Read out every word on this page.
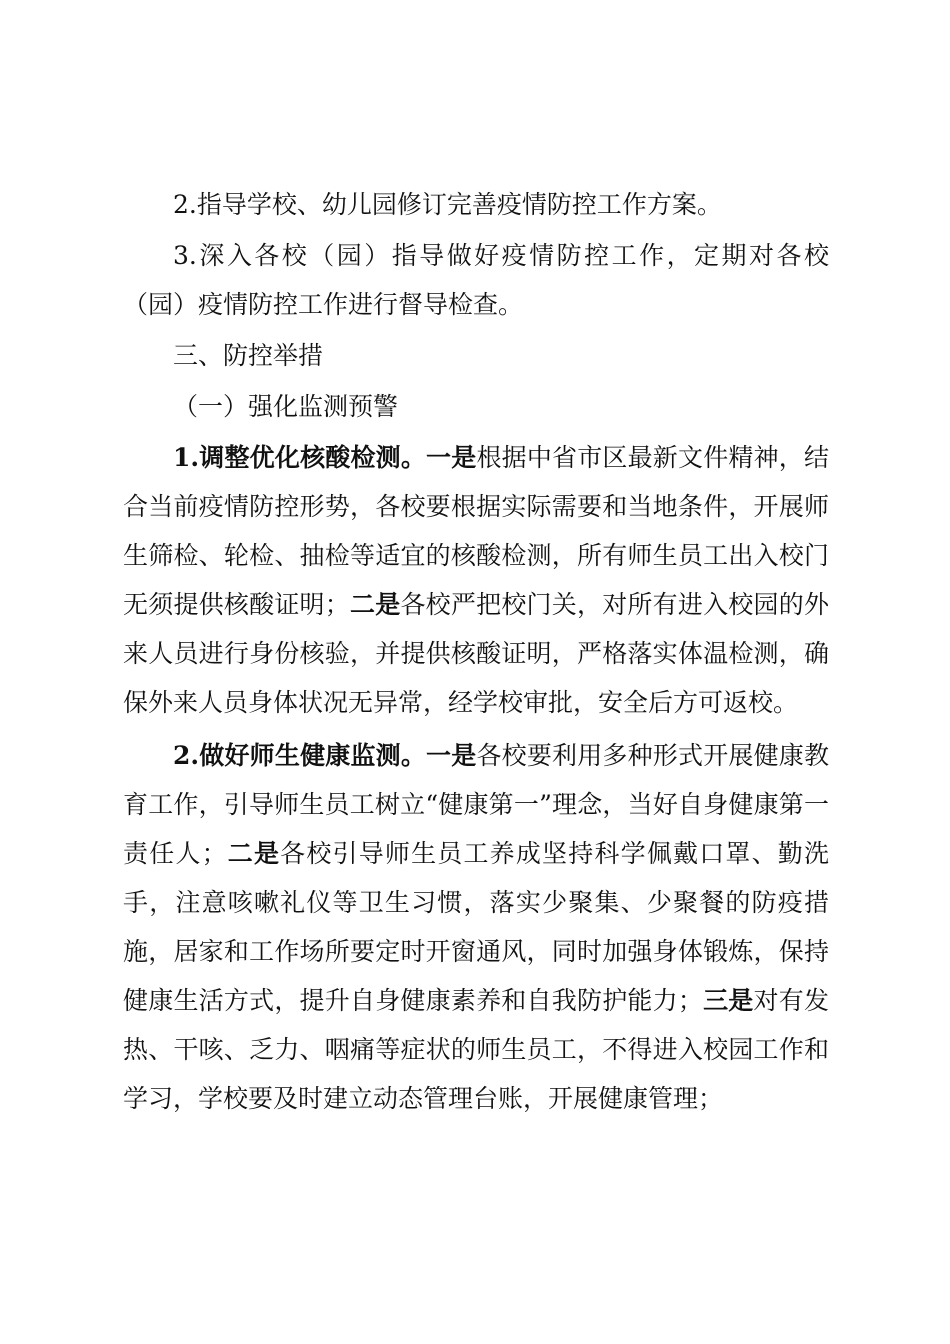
2.指导学校、幼儿园修订完善疫情防控工作方案。

3.深入各校（园）指导做好疫情防控工作，定期对各校（园）疫情防控工作进行督导检查。

三、防控举措

（一）强化监测预警

1.调整优化核酸检测。一是根据中省市区最新文件精神，结合当前疫情防控形势，各校要根据实际需要和当地条件，开展师生筛检、轮检、抽检等适宜的核酸检测，所有师生员工出入校门无须提供核酸证明；二是各校严把校门关，对所有进入校园的外来人员进行身份核验，并提供核酸证明，严格落实体温检测，确保外来人员身体状况无异常，经学校审批，安全后方可返校。

2.做好师生健康监测。一是各校要利用多种形式开展健康教育工作，引导师生员工树立“健康第一”理念，当好自身健康第一责任人；二是各校引导师生员工养成坚持科学佩戴口罩、勤洗手，注意咳嗽礼仪等卫生习惯，落实少聚集、少聚餐的防疫措施，居家和工作场所要定时开窗通风，同时加强身体锻炼，保持健康生活方式，提升自身健康素养和自我防护能力；三是对有发热、干咳、乏力、咽痛等症状的师生员工，不得进入校园工作和学习，学校要及时建立动态管理台账，开展健康管理；
